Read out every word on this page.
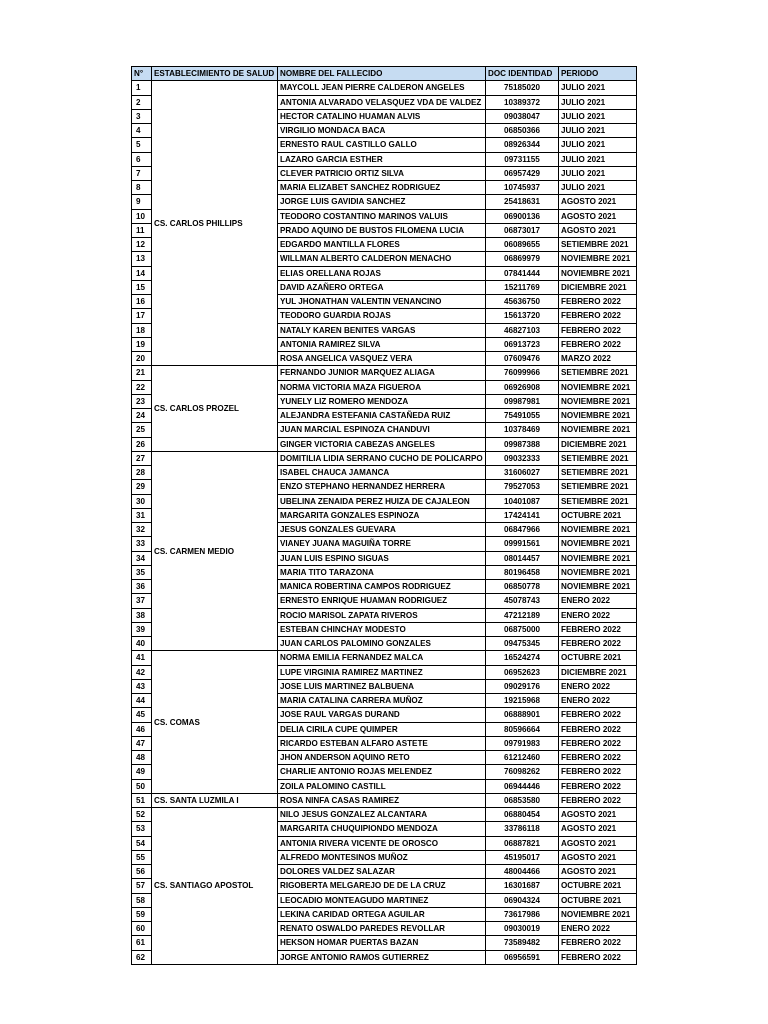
N°	ESTABLECIMIENTO DE SALUD	NOMBRE DEL FALLECIDO	DOC IDENTIDAD	PERIODO
1	CS. CARLOS PHILLIPS	MAYCOLL JEAN PIERRE CALDERON ANGELES	75185020	JULIO 2021
2		ANTONIA ALVARADO VELASQUEZ VDA DE VALDEZ	10389372	JULIO 2021
3		HECTOR CATALINO HUAMAN ALVIS	09038047	JULIO 2021
4		VIRGILIO MONDACA BACA	06850366	JULIO 2021
5		ERNESTO RAUL CASTILLO GALLO	08926344	JULIO 2021
6		LAZARO GARCIA ESTHER	09731155	JULIO 2021
7		CLEVER PATRICIO ORTIZ SILVA	06957429	JULIO 2021
8		MARIA ELIZABET SANCHEZ RODRIGUEZ	10745937	JULIO 2021
9		JORGE LUIS GAVIDIA SANCHEZ	25418631	AGOSTO 2021
10		TEODORO COSTANTINO MARINOS VALUIS	06900136	AGOSTO 2021
11		PRADO AQUINO DE BUSTOS FILOMENA LUCIA	06873017	AGOSTO 2021
12		EDGARDO MANTILLA FLORES	06089655	SETIEMBRE 2021
13		WILLMAN ALBERTO CALDERON MENACHO	06869979	NOVIEMBRE 2021
14		ELIAS ORELLANA ROJAS	07841444	NOVIEMBRE 2021
15		DAVID AZAÑERO ORTEGA	15211769	DICIEMBRE 2021
16		YUL JHONATHAN VALENTIN VENANCINO	45636750	FEBRERO 2022
17		TEODORO GUARDIA ROJAS	15613720	FEBRERO 2022
18		NATALY KAREN BENITES VARGAS	46827103	FEBRERO 2022
19		ANTONIA RAMIREZ SILVA	06913723	FEBRERO 2022
20		ROSA ANGELICA VASQUEZ VERA	07609476	MARZO 2022
21	CS. CARLOS PROZEL	FERNANDO JUNIOR MARQUEZ ALIAGA	76099966	SETIEMBRE 2021
22		NORMA VICTORIA MAZA FIGUEROA	06926908	NOVIEMBRE 2021
23		YUNELY LIZ ROMERO MENDOZA	09987981	NOVIEMBRE 2021
24		ALEJANDRA ESTEFANIA CASTAÑEDA RUIZ	75491055	NOVIEMBRE 2021
25		JUAN MARCIAL ESPINOZA CHANDUVI	10378469	NOVIEMBRE 2021
26		GINGER VICTORIA CABEZAS ANGELES	09987388	DICIEMBRE 2021
27	CS. CARMEN MEDIO	DOMITILIA LIDIA SERRANO CUCHO DE POLICARPO	09032333	SETIEMBRE 2021
28		ISABEL CHAUCA JAMANCA	31606027	SETIEMBRE 2021
29		ENZO STEPHANO HERNANDEZ HERRERA	79527053	SETIEMBRE 2021
30		UBELINA ZENAIDA PEREZ HUIZA DE CAJALEON	10401087	SETIEMBRE 2021
31		MARGARITA GONZALES ESPINOZA	17424141	OCTUBRE 2021
32		JESUS GONZALES GUEVARA	06847966	NOVIEMBRE 2021
33		VIANEY JUANA MAGUIÑA TORRE	09991561	NOVIEMBRE 2021
34		JUAN LUIS ESPINO SIGUAS	08014457	NOVIEMBRE 2021
35		MARIA TITO TARAZONA	80196458	NOVIEMBRE 2021
36		MANICA ROBERTINA CAMPOS RODRIGUEZ	06850778	NOVIEMBRE 2021
37		ERNESTO ENRIQUE HUAMAN RODRIGUEZ	45078743	ENERO 2022
38		ROCIO MARISOL ZAPATA RIVEROS	47212189	ENERO 2022
39		ESTEBAN CHINCHAY MODESTO	06875000	FEBRERO 2022
40		JUAN CARLOS PALOMINO GONZALES	09475345	FEBRERO 2022
41	CS. COMAS	NORMA EMILIA FERNANDEZ MALCA	16524274	OCTUBRE 2021
42		LUPE VIRGINIA RAMIREZ MARTINEZ	06952623	DICIEMBRE 2021
43		JOSE LUIS MARTINEZ BALBUENA	09029176	ENERO 2022
44		MARIA CATALINA CARRERA MUÑOZ	19215968	ENERO 2022
45		JOSE RAUL VARGAS DURAND	06888901	FEBRERO 2022
46		DELIA CIRILA CUPE QUIMPER	80596664	FEBRERO 2022
47		RICARDO ESTEBAN ALFARO ASTETE	09791983	FEBRERO 2022
48		JHON ANDERSON AQUINO RETO	61212460	FEBRERO 2022
49		CHARLIE ANTONIO ROJAS MELENDEZ	76098262	FEBRERO 2022
50		ZOILA PALOMINO CASTILL	06944446	FEBRERO 2022
51	CS. SANTA LUZMILA I	ROSA NINFA CASAS RAMIREZ	06853580	FEBRERO 2022
52	CS. SANTIAGO APOSTOL	NILO JESUS GONZALEZ ALCANTARA	06880454	AGOSTO 2021
53		MARGARITA CHUQUIPIONDO MENDOZA	33786118	AGOSTO 2021
54		ANTONIA RIVERA VICENTE DE OROSCO	06887821	AGOSTO 2021
55		ALFREDO MONTESINOS MUÑOZ	45195017	AGOSTO 2021
56		DOLORES VALDEZ SALAZAR	48004466	AGOSTO 2021
57		RIGOBERTA MELGAREJO DE DE LA CRUZ	16301687	OCTUBRE 2021
58		LEOCADIO MONTEAGUDO MARTINEZ	06904324	OCTUBRE 2021
59		LEKINA CARIDAD ORTEGA AGUILAR	73617986	NOVIEMBRE 2021
60		RENATO OSWALDO PAREDES REVOLLAR	09030019	ENERO 2022
61		HEKSON HOMAR PUERTAS BAZAN	73589482	FEBRERO 2022
62		JORGE ANTONIO RAMOS GUTIERREZ	06956591	FEBRERO 2022
